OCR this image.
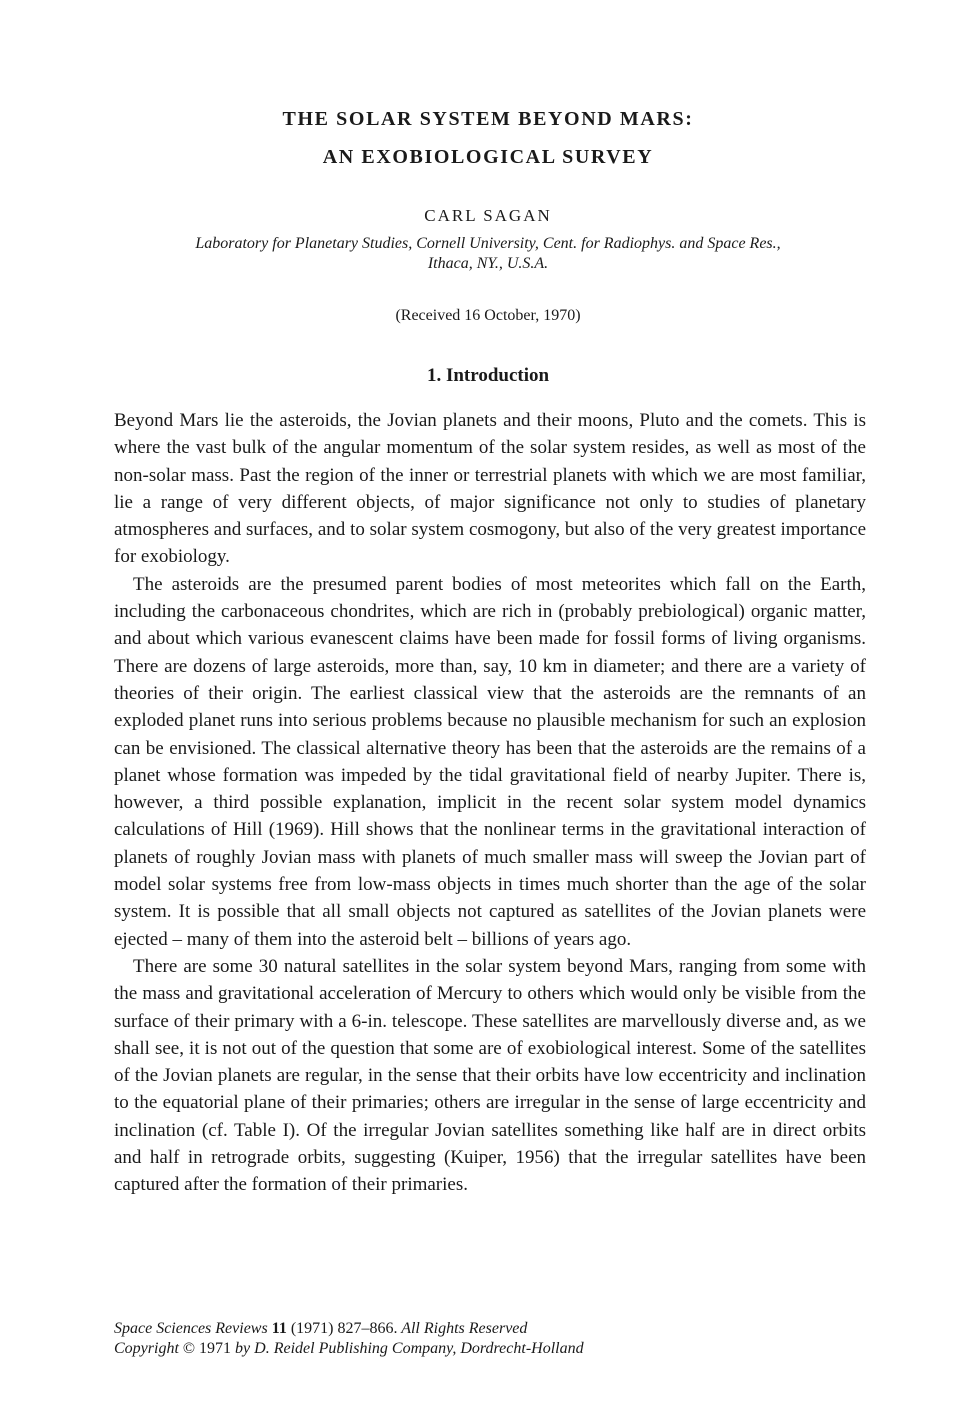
THE SOLAR SYSTEM BEYOND MARS:
AN EXOBIOLOGICAL SURVEY
CARL SAGAN
Laboratory for Planetary Studies, Cornell University, Cent. for Radiophys. and Space Res.,
Ithaca, NY., U.S.A.
(Received 16 October, 1970)
1. Introduction

Beyond Mars lie the asteroids, the Jovian planets and their moons, Pluto and the comets. This is where the vast bulk of the angular momentum of the solar system resides, as well as most of the non-solar mass. Past the region of the inner or terrestrial planets with which we are most familiar, lie a range of very different objects, of major significance not only to studies of planetary atmospheres and surfaces, and to solar system cosmogony, but also of the very greatest importance for exobiology.

The asteroids are the presumed parent bodies of most meteorites which fall on the Earth, including the carbonaceous chondrites, which are rich in (probably prebiological) organic matter, and about which various evanescent claims have been made for fossil forms of living organisms. There are dozens of large asteroids, more than, say, 10 km in diameter; and there are a variety of theories of their origin. The earliest classical view that the asteroids are the remnants of an exploded planet runs into serious problems because no plausible mechanism for such an explosion can be envisioned. The classical alternative theory has been that the asteroids are the remains of a planet whose formation was impeded by the tidal gravitational field of nearby Jupiter. There is, however, a third possible explanation, implicit in the recent solar system model dynamics calculations of Hill (1969). Hill shows that the nonlinear terms in the gravitational interaction of planets of roughly Jovian mass with planets of much smaller mass will sweep the Jovian part of model solar systems free from low-mass objects in times much shorter than the age of the solar system. It is possible that all small objects not captured as satellites of the Jovian planets were ejected – many of them into the asteroid belt – billions of years ago.

There are some 30 natural satellites in the solar system beyond Mars, ranging from some with the mass and gravitational acceleration of Mercury to others which would only be visible from the surface of their primary with a 6-in. telescope. These satellites are marvellously diverse and, as we shall see, it is not out of the question that some are of exobiological interest. Some of the satellites of the Jovian planets are regular, in the sense that their orbits have low eccentricity and inclination to the equatorial plane of their primaries; others are irregular in the sense of large eccentricity and inclination (cf. Table I). Of the irregular Jovian satellites something like half are in direct orbits and half in retrograde orbits, suggesting (Kuiper, 1956) that the irregular satellites have been captured after the formation of their primaries.

Space Sciences Reviews 11 (1971) 827–866. All Rights Reserved
Copyright © 1971 by D. Reidel Publishing Company, Dordrecht-Holland
